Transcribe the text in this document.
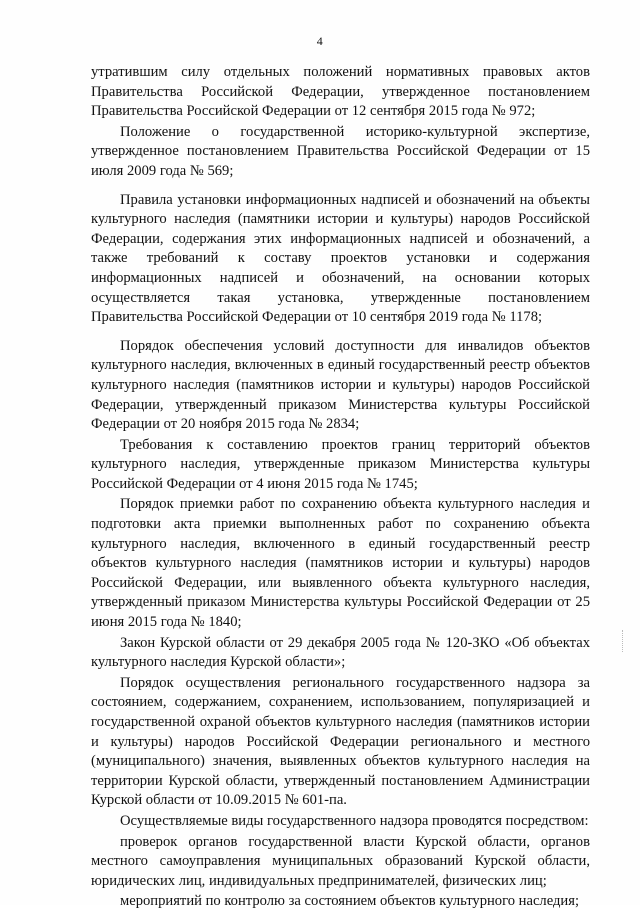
4

утратившим силу отдельных положений нормативных правовых актов Правительства Российской Федерации, утвержденное постановлением Правительства Российской Федерации от 12 сентября 2015 года № 972;

Положение о государственной историко-культурной экспертизе, утвержденное постановлением Правительства Российской Федерации от 15 июля 2009 года № 569;

Правила установки информационных надписей и обозначений на объекты культурного наследия (памятники истории и культуры) народов Российской Федерации, содержания этих информационных надписей и обозначений, а также требований к составу проектов установки и содержания информационных надписей и обозначений, на основании которых осуществляется такая установка, утвержденные постановлением Правительства Российской Федерации от 10 сентября 2019 года № 1178;

Порядок обеспечения условий доступности для инвалидов объектов культурного наследия, включенных в единый государственный реестр объектов культурного наследия (памятников истории и культуры) народов Российской Федерации, утвержденный приказом Министерства культуры Российской Федерации от 20 ноября 2015 года № 2834;

Требования к составлению проектов границ территорий объектов культурного наследия, утвержденные приказом Министерства культуры Российской Федерации от 4 июня 2015 года № 1745;

Порядок приемки работ по сохранению объекта культурного наследия и подготовки акта приемки выполненных работ по сохранению объекта культурного наследия, включенного в единый государственный реестр объектов культурного наследия (памятников истории и культуры) народов Российской Федерации, или выявленного объекта культурного наследия, утвержденный приказом Министерства культуры Российской Федерации от 25 июня 2015 года № 1840;

Закон Курской области от 29 декабря 2005 года № 120-ЗКО «Об объектах культурного наследия Курской области»;

Порядок осуществления регионального государственного надзора за состоянием, содержанием, сохранением, использованием, популяризацией и государственной охраной объектов культурного наследия (памятников истории и культуры) народов Российской Федерации регионального и местного (муниципального) значения, выявленных объектов культурного наследия на территории Курской области, утвержденный постановлением Администрации Курской области от 10.09.2015 № 601-па.

Осуществляемые виды государственного надзора проводятся посредством:

проверок органов государственной власти Курской области, органов местного самоуправления муниципальных образований Курской области, юридических лиц, индивидуальных предпринимателей, физических лиц;

мероприятий по контролю за состоянием объектов культурного наследия;
